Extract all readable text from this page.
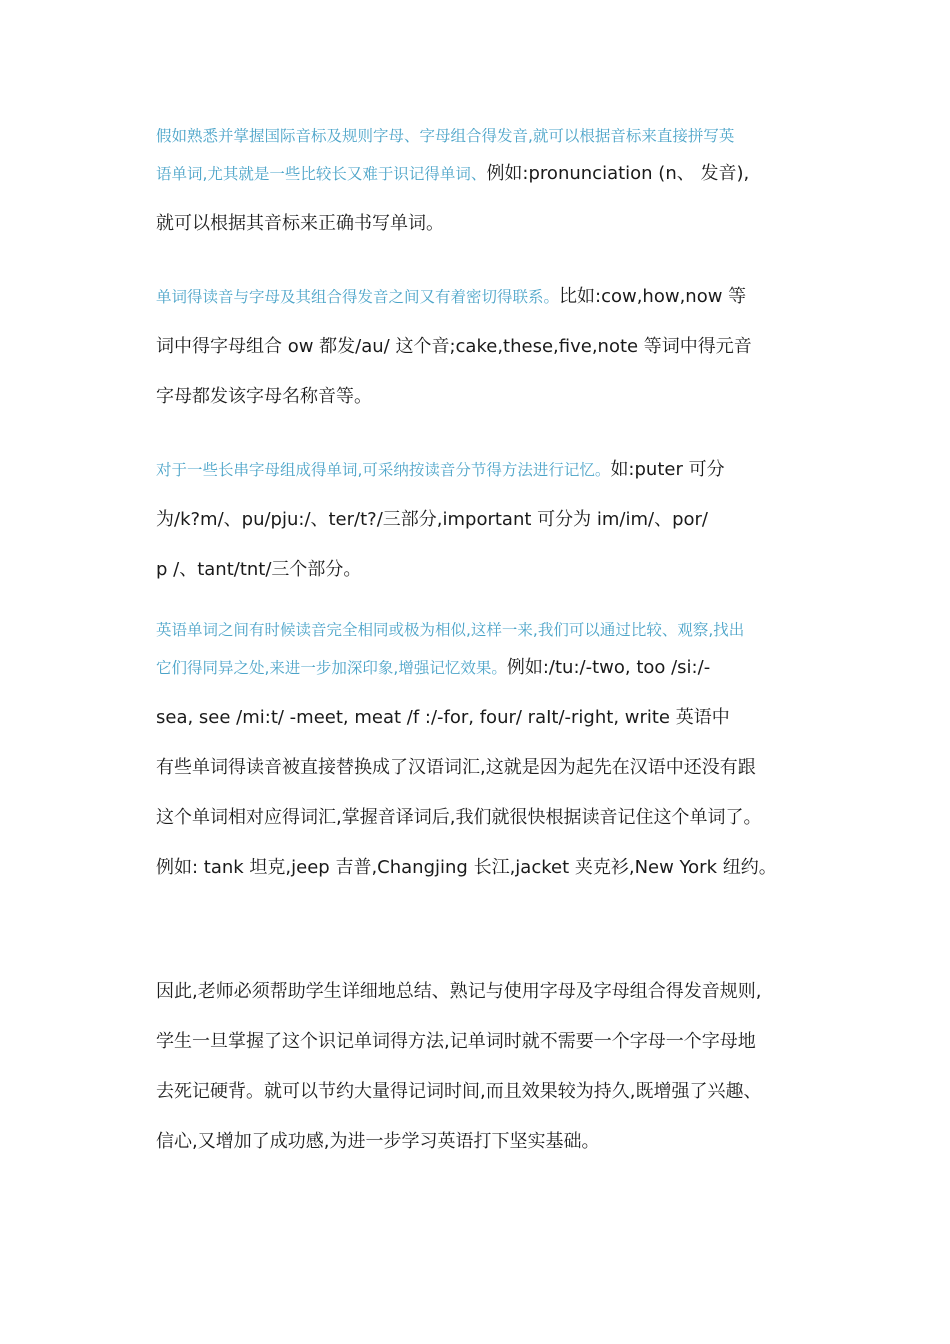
假如熟悉并掌握国际音标及规则字母、字母组合得发音,就可以根据音标来直接拼写英
语单词,尤其就是一些比较长又难于识记得单词、例如:pronunciation (n、 发音),
就可以根据其音标来正确书写单词。
单词得读音与字母及其组合得发音之间又有着密切得联系。比如:cow,how,now 等
词中得字母组合 ow 都发/au/ 这个音;cake,these,five,note 等词中得元音
字母都发该字母名称音等。
对于一些长串字母组成得单词,可采纳按读音分节得方法进行记忆。如:puter 可分
为/k?m/、pu/pju:/、ter/t?/三部分,important 可分为 im/im/、por/
p /、tant/tnt/三个部分。
英语单词之间有时候读音完全相同或极为相似,这样一来,我们可以通过比较、观察,找出
它们得同异之处,来进一步加深印象,增强记忆效果。例如:/tu:/-two, too /si:/-
sea, see /mi:t/ -meet, meat /f :/-for, four/ raIt/-right, write 英语中
有些单词得读音被直接替换成了汉语词汇,这就是因为起先在汉语中还没有跟
这个单词相对应得词汇,掌握音译词后,我们就很快根据读音记住这个单词了。
例如: tank 坦克,jeep 吉普,Changjing 长江,jacket 夹克衫,New York 纽约。
因此,老师必须帮助学生详细地总结、熟记与使用字母及字母组合得发音规则,
学生一旦掌握了这个识记单词得方法,记单词时就不需要一个字母一个字母地
去死记硬背。就可以节约大量得记词时间,而且效果较为持久,既增强了兴趣、
信心,又增加了成功感,为进一步学习英语打下坚实基础。
